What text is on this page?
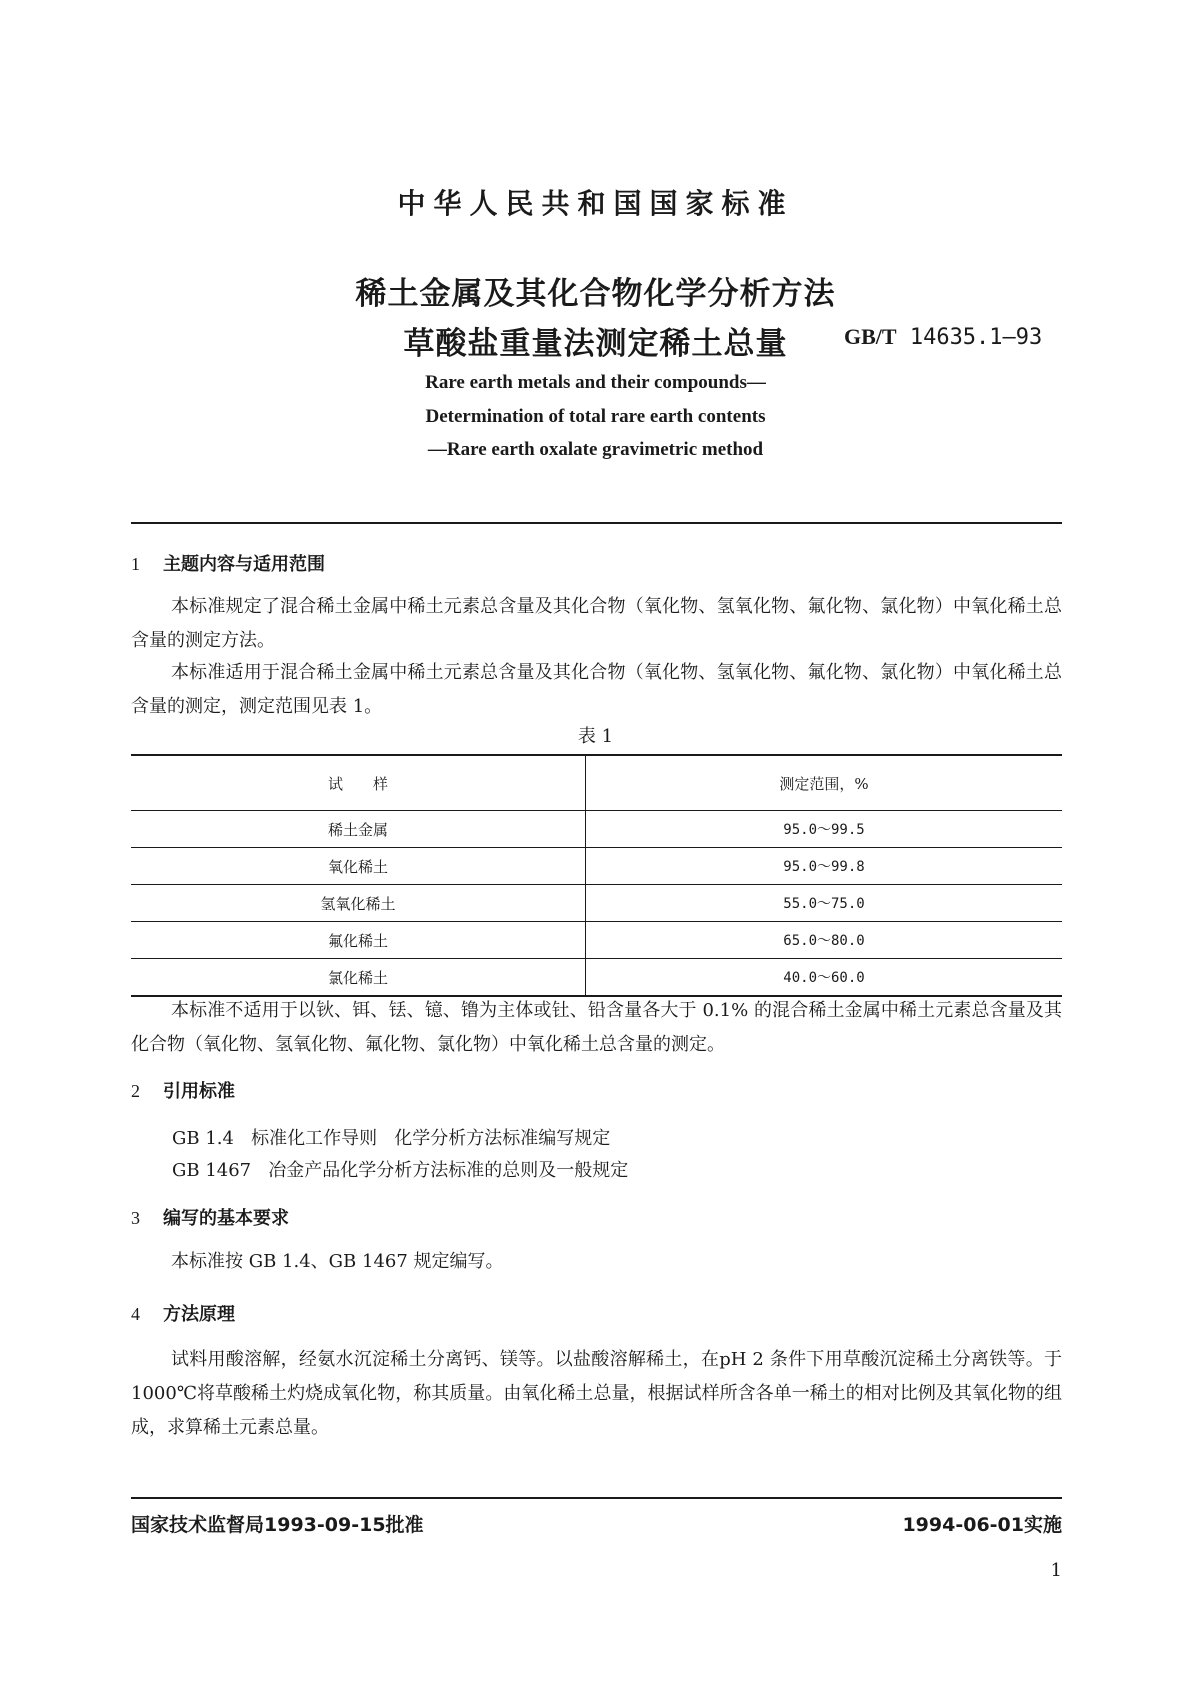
中华人民共和国国家标准
稀土金属及其化合物化学分析方法
草酸盐重量法测定稀土总量	GB/T 14635.1—93
Rare earth metals and their compounds—
Determination of total rare earth contents
—Rare earth oxalate gravimetric method
1 主题内容与适用范围
本标准规定了混合稀土金属中稀土元素总含量及其化合物（氧化物、氢氧化物、氟化物、氯化物）中氧化稀土总含量的测定方法。
本标准适用于混合稀土金属中稀土元素总含量及其化合物（氧化物、氢氧化物、氟化物、氯化物）中氧化稀土总含量的测定，测定范围见表 1。
表 1
试　　样	测定范围，%
稀土金属	95.0～99.5
氧化稀土	95.0～99.8
氢氧化稀土	55.0～75.0
氟化稀土	65.0～80.0
氯化稀土	40.0～60.0
本标准不适用于以钬、铒、铥、镱、镥为主体或钍、铅含量各大于 0.1% 的混合稀土金属中稀土元素总含量及其 化合物（氧化物、氢氧化物、氟化物、氯化物）中氧化稀土总含量的测定。
2 引用标准
GB 1.4   标准化工作导则   化学分析方法标准编写规定
GB 1467   冶金产品化学分析方法标准的总则及一般规定
3 编写的基本要求
本标准按 GB 1.4、GB 1467 规定编写。
4 方法原理
试料用酸溶解，经氨水沉淀稀土分离钙、镁等。以盐酸溶解稀土，在pH 2 条件下用草酸沉淀稀土分离铁等。于 1000℃将草酸稀土灼烧成氧化物，称其质量。由氧化稀土总量，根据试样所含各单一稀土的相对比例及其氧化物的组成，求算稀土元素总量。
国家技术监督局1993-09-15批准	1994-06-01实施
1
